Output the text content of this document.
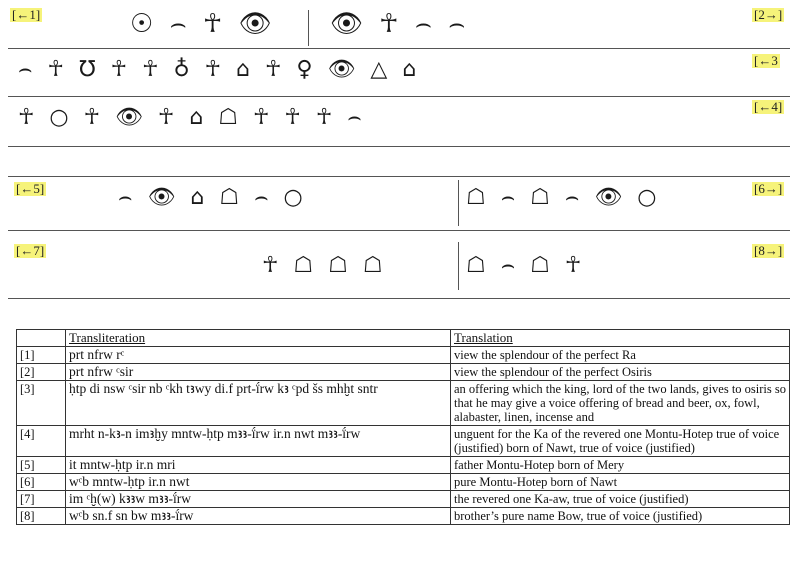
[←1]	[2→]
☉ ⌢ ☥ 👁 👁 ☥ ⌢ ⌢
[←3
⌢ ☥ ℧ ☥ ☥ ♁ ☥ ⌂ ☥ ♀ 👁 △ ⌂
[←4]
☥ ○ ☥ 👁 ☥ ⌂ ☖ ☥ ☥ ☥ ⌢
[←5]	[6→]
⌢ 👁 ⌂ ☖ ⌢ ○	☖ ⌢ ☖ ⌢ 👁 ○
[←7]	[8→]
☥ ☖ ☖ ☖	☖ ⌢ ☖ ☥
	Transliteration	Translation
[1]	prt nfrw rᶜ	view the splendour of the perfect Ra
[2]	prt nfrw ᶜsir	view the splendour of the perfect Osiris
[3]	ḥtp di nsw ᶜsir nb ᶜkh tꜣwy di.f prt-ḯrw kꜣ ᶜpd šs mhḫt sntr	an offering which the king, lord of the two lands, gives to osiris so that he may give a voice offering of bread and beer, ox, fowl, alabaster, linen, incense and
[4]	mrht n-kꜣ-n imꜣḫy mntw-ḥtp mꜣꜣ-ḯrw ir.n nwt mꜣꜣ-ḯrw	unguent for the Ka of the revered one Montu-Hotep true of voice (justified) born of Nawt, true of voice (justified)
[5]	it mntw-ḥtp ir.n mri	father Montu-Hotep born of Mery
[6]	wᶜb mntw-ḥtp ir.n nwt	pure Montu-Hotep born of Nawt
[7]	im ᶜḫ(w) kꜣꜣw mꜣꜣ-ḯrw	the revered one Ka-aw, true of voice (justified)
[8]	wᶜb sn.f sn bw mꜣꜣ-ḯrw	brother’s pure name Bow, true of voice (justified)
